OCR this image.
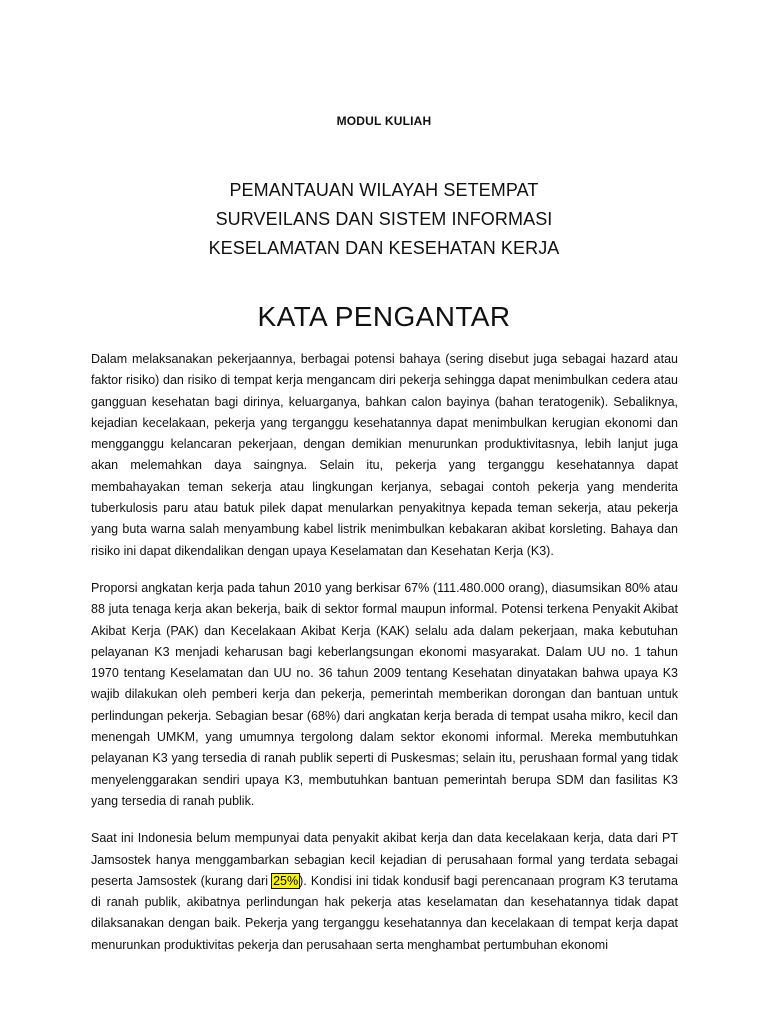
MODUL KULIAH
PEMANTAUAN WILAYAH SETEMPAT
SURVEILANS DAN SISTEM INFORMASI
KESELAMATAN DAN KESEHATAN KERJA
KATA PENGANTAR

Dalam melaksanakan pekerjaannya, berbagai potensi bahaya (sering disebut juga sebagai hazard atau faktor risiko) dan risiko di tempat kerja mengancam diri pekerja sehingga dapat menimbulkan cedera atau gangguan kesehatan bagi dirinya, keluarganya, bahkan calon bayinya (bahan teratogenik). Sebaliknya, kejadian kecelakaan, pekerja yang terganggu kesehatannya dapat menimbulkan kerugian ekonomi dan mengganggu kelancaran pekerjaan, dengan demikian menurunkan produktivitasnya, lebih lanjut juga akan melemahkan daya saingnya. Selain itu, pekerja yang terganggu kesehatannya dapat membahayakan teman sekerja atau lingkungan kerjanya, sebagai contoh pekerja yang menderita tuberkulosis paru atau batuk pilek dapat menularkan penyakitnya kepada teman sekerja, atau pekerja yang buta warna salah menyambung kabel listrik menimbulkan kebakaran akibat korsleting. Bahaya dan risiko ini dapat dikendalikan dengan upaya Keselamatan dan Kesehatan Kerja (K3).

Proporsi angkatan kerja pada tahun 2010 yang berkisar 67% (111.480.000 orang), diasumsikan 80% atau 88 juta tenaga kerja akan bekerja, baik di sektor formal maupun informal. Potensi terkena Penyakit Akibat Akibat Kerja (PAK) dan Kecelakaan Akibat Kerja (KAK) selalu ada dalam pekerjaan, maka kebutuhan pelayanan K3 menjadi keharusan bagi keberlangsungan ekonomi masyarakat. Dalam UU no. 1 tahun 1970 tentang Keselamatan dan UU no. 36 tahun 2009 tentang Kesehatan dinyatakan bahwa upaya K3 wajib dilakukan oleh pemberi kerja dan pekerja, pemerintah memberikan dorongan dan bantuan untuk perlindungan pekerja. Sebagian besar (68%) dari angkatan kerja berada di tempat usaha mikro, kecil dan menengah UMKM, yang umumnya tergolong dalam sektor ekonomi informal. Mereka membutuhkan pelayanan K3 yang tersedia di ranah publik seperti di Puskesmas; selain itu, perushaan formal yang tidak menyelenggarakan sendiri upaya K3, membutuhkan bantuan pemerintah berupa SDM dan fasilitas K3 yang tersedia di ranah publik.

Saat ini Indonesia belum mempunyai data penyakit akibat kerja dan data kecelakaan kerja, data dari PT Jamsostek hanya menggambarkan sebagian kecil kejadian di perusahaan formal yang terdata sebagai peserta Jamsostek (kurang dari 25%). Kondisi ini tidak kondusif bagi perencanaan program K3 terutama di ranah publik, akibatnya perlindungan hak pekerja atas keselamatan dan kesehatannya tidak dapat dilaksanakan dengan baik. Pekerja yang terganggu kesehatannya dan kecelakaan di tempat kerja dapat menurunkan produktivitas pekerja dan perusahaan serta menghambat pertumbuhan ekonomi
